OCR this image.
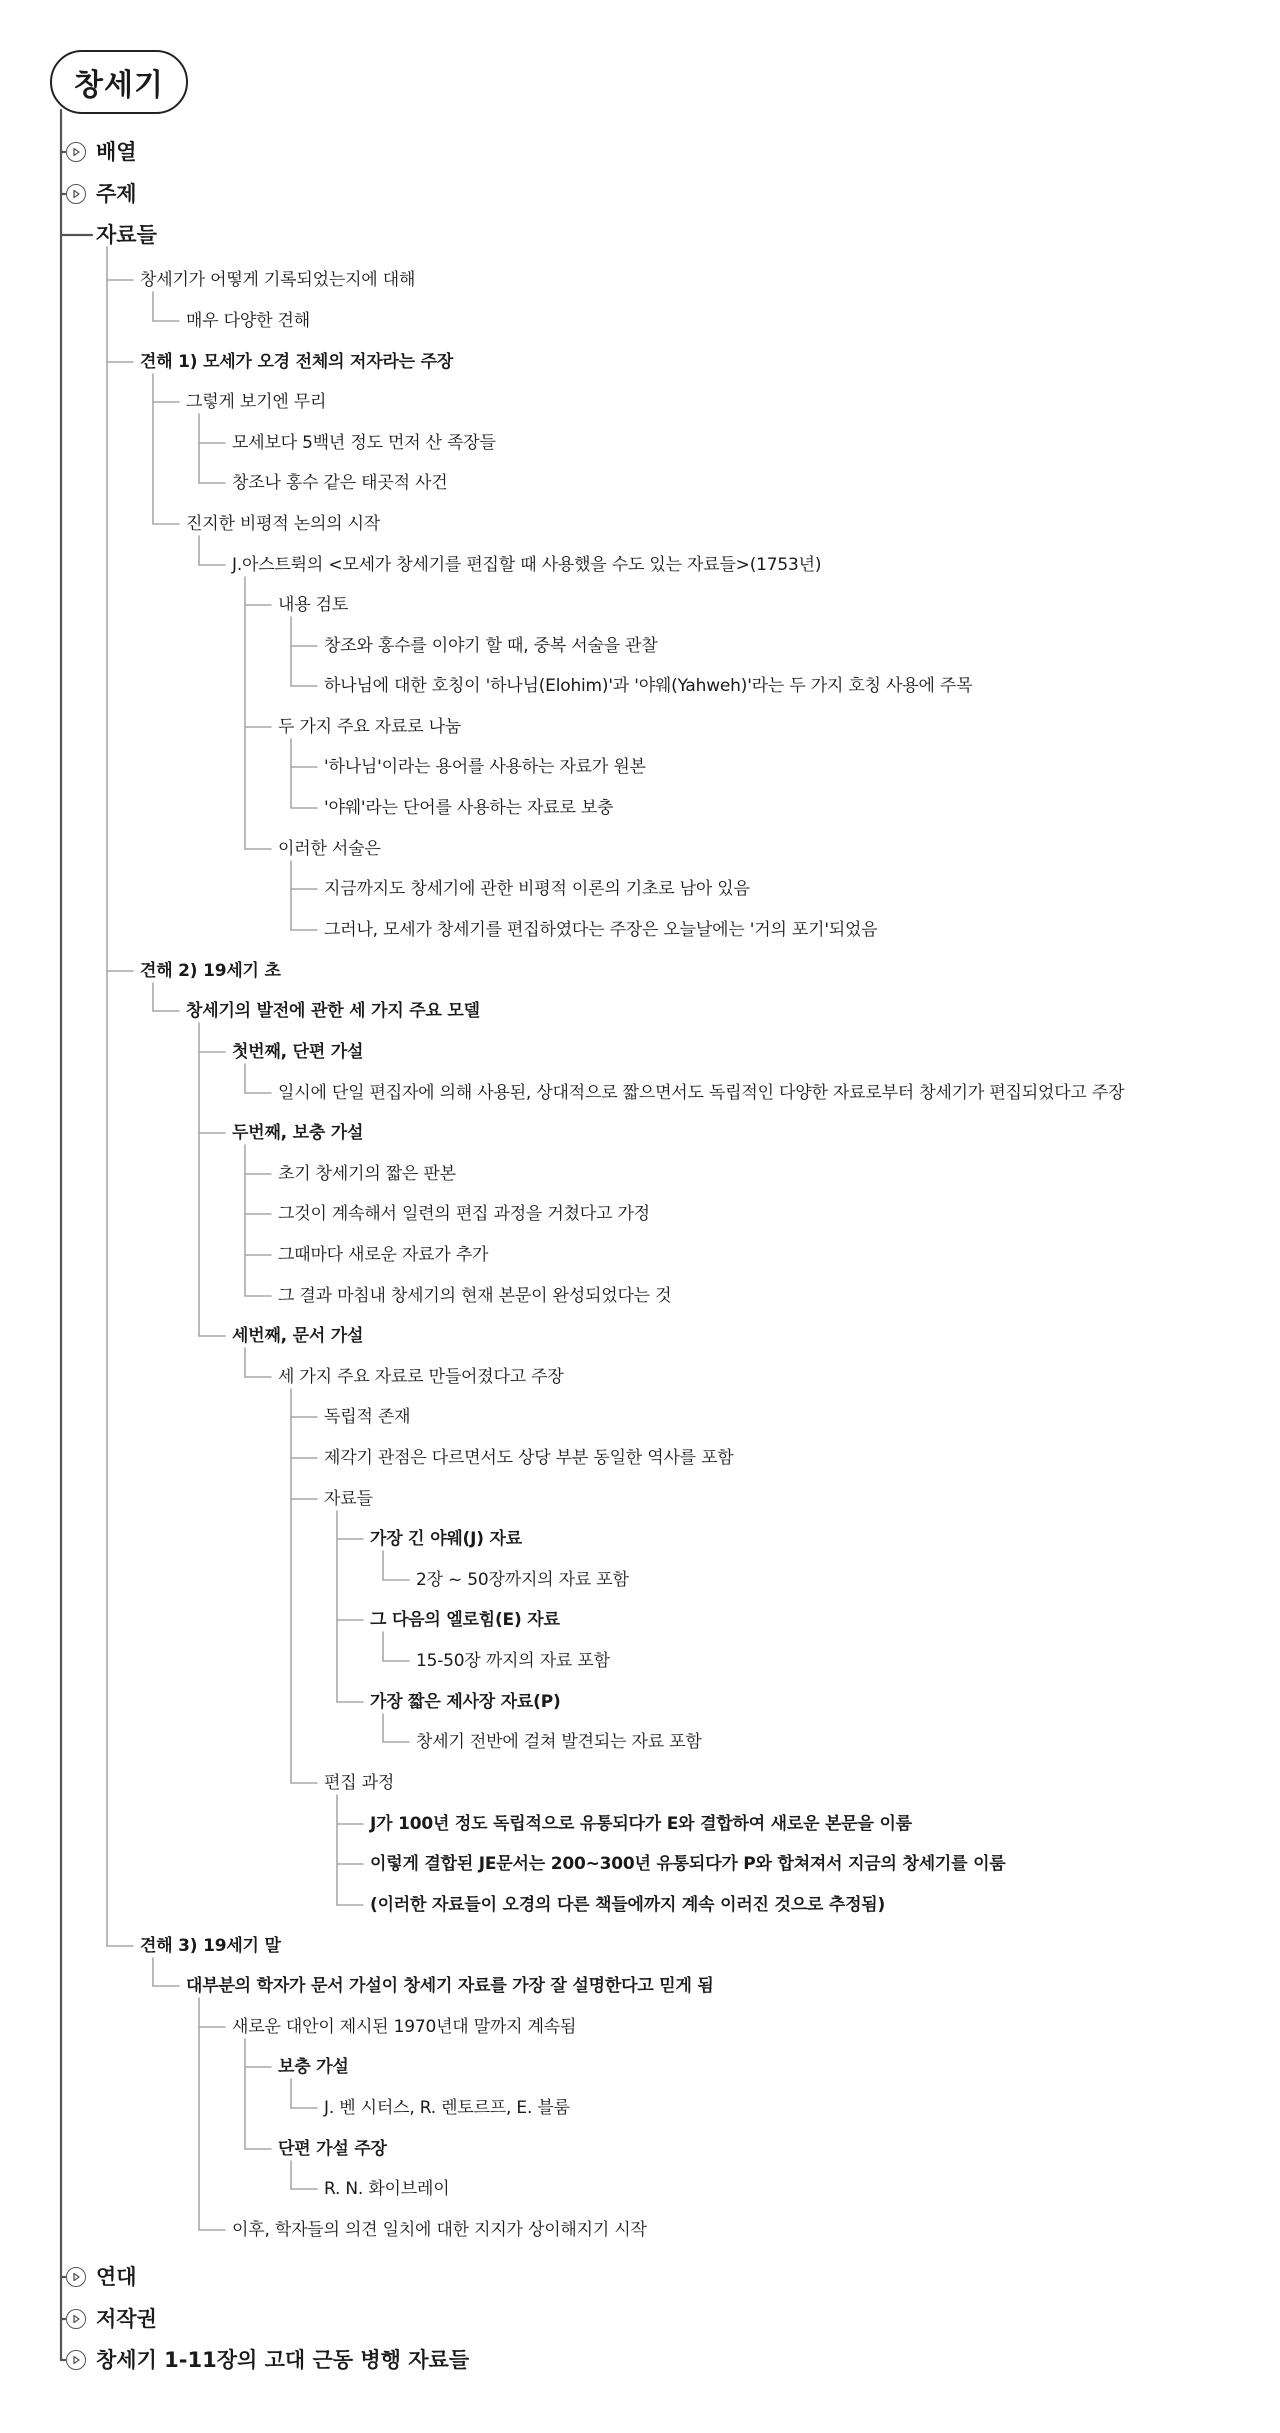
창세기
배열
주제
자료들
연대
저작권
창세기 1-11장의 고대 근동 병행 자료들
창세기가 어떻게 기록되었는지에 대해
매우 다양한 견해
견해 1) 모세가 오경 전체의 저자라는 주장
그렇게 보기엔 무리
모세보다 5백년 정도 먼저 산 족장들
창조나 홍수 같은 태곳적 사건
진지한 비평적 논의의 시작
J.아스트뤽의 <모세가 창세기를 편집할 때 사용했을 수도 있는 자료들>(1753년)
내용 검토
창조와 홍수를 이야기 할 때, 중복 서술을 관찰
하나님에 대한 호칭이 '하나님(Elohim)'과 '야웨(Yahweh)'라는 두 가지 호칭 사용에 주목
두 가지 주요 자료로 나눔
'하나님'이라는 용어를 사용하는 자료가 원본
'야웨'라는 단어를 사용하는 자료로 보충
이러한 서술은
지금까지도 창세기에 관한 비평적 이론의 기초로 남아 있음
그러나, 모세가 창세기를 편집하였다는 주장은 오늘날에는 '거의 포기'되었음
견해 2) 19세기 초
창세기의 발전에 관한 세 가지 주요 모델
첫번째, 단편 가설
일시에 단일 편집자에 의해 사용된, 상대적으로 짧으면서도 독립적인 다양한 자료로부터 창세기가 편집되었다고 주장
두번째, 보충 가설
초기 창세기의 짧은 판본
그것이 계속해서 일련의 편집 과정을 거쳤다고 가정
그때마다 새로운 자료가 추가
그 결과 마침내 창세기의 현재 본문이 완성되었다는 것
세번째, 문서 가설
세 가지 주요 자료로 만들어졌다고 주장
독립적 존재
제각기 관점은 다르면서도 상당 부분 동일한 역사를 포함
자료들
가장 긴 야웨(J) 자료
2장 ~ 50장까지의 자료 포함
그 다음의 엘로힘(E) 자료
15-50장 까지의 자료 포함
가장 짧은 제사장 자료(P)
창세기 전반에 걸쳐 발견되는 자료 포함
편집 과정
J가 100년 정도 독립적으로 유통되다가 E와 결합하여 새로운 본문을 이룸
이렇게 결합된 JE문서는 200~300년 유통되다가 P와 합쳐져서 지금의 창세기를 이룸
(이러한 자료들이 오경의 다른 책들에까지 계속 이러진 것으로 추정됨)
견해 3) 19세기 말
대부분의 학자가 문서 가설이 창세기 자료를 가장 잘 설명한다고 믿게 됨
새로운 대안이 제시된 1970년대 말까지 계속됨
보충 가설
J. 벤 시터스, R. 렌토르프, E. 블룸
단편 가설 주장
R. N. 화이브레이
이후, 학자들의 의견 일치에 대한 지지가 상이해지기 시작
